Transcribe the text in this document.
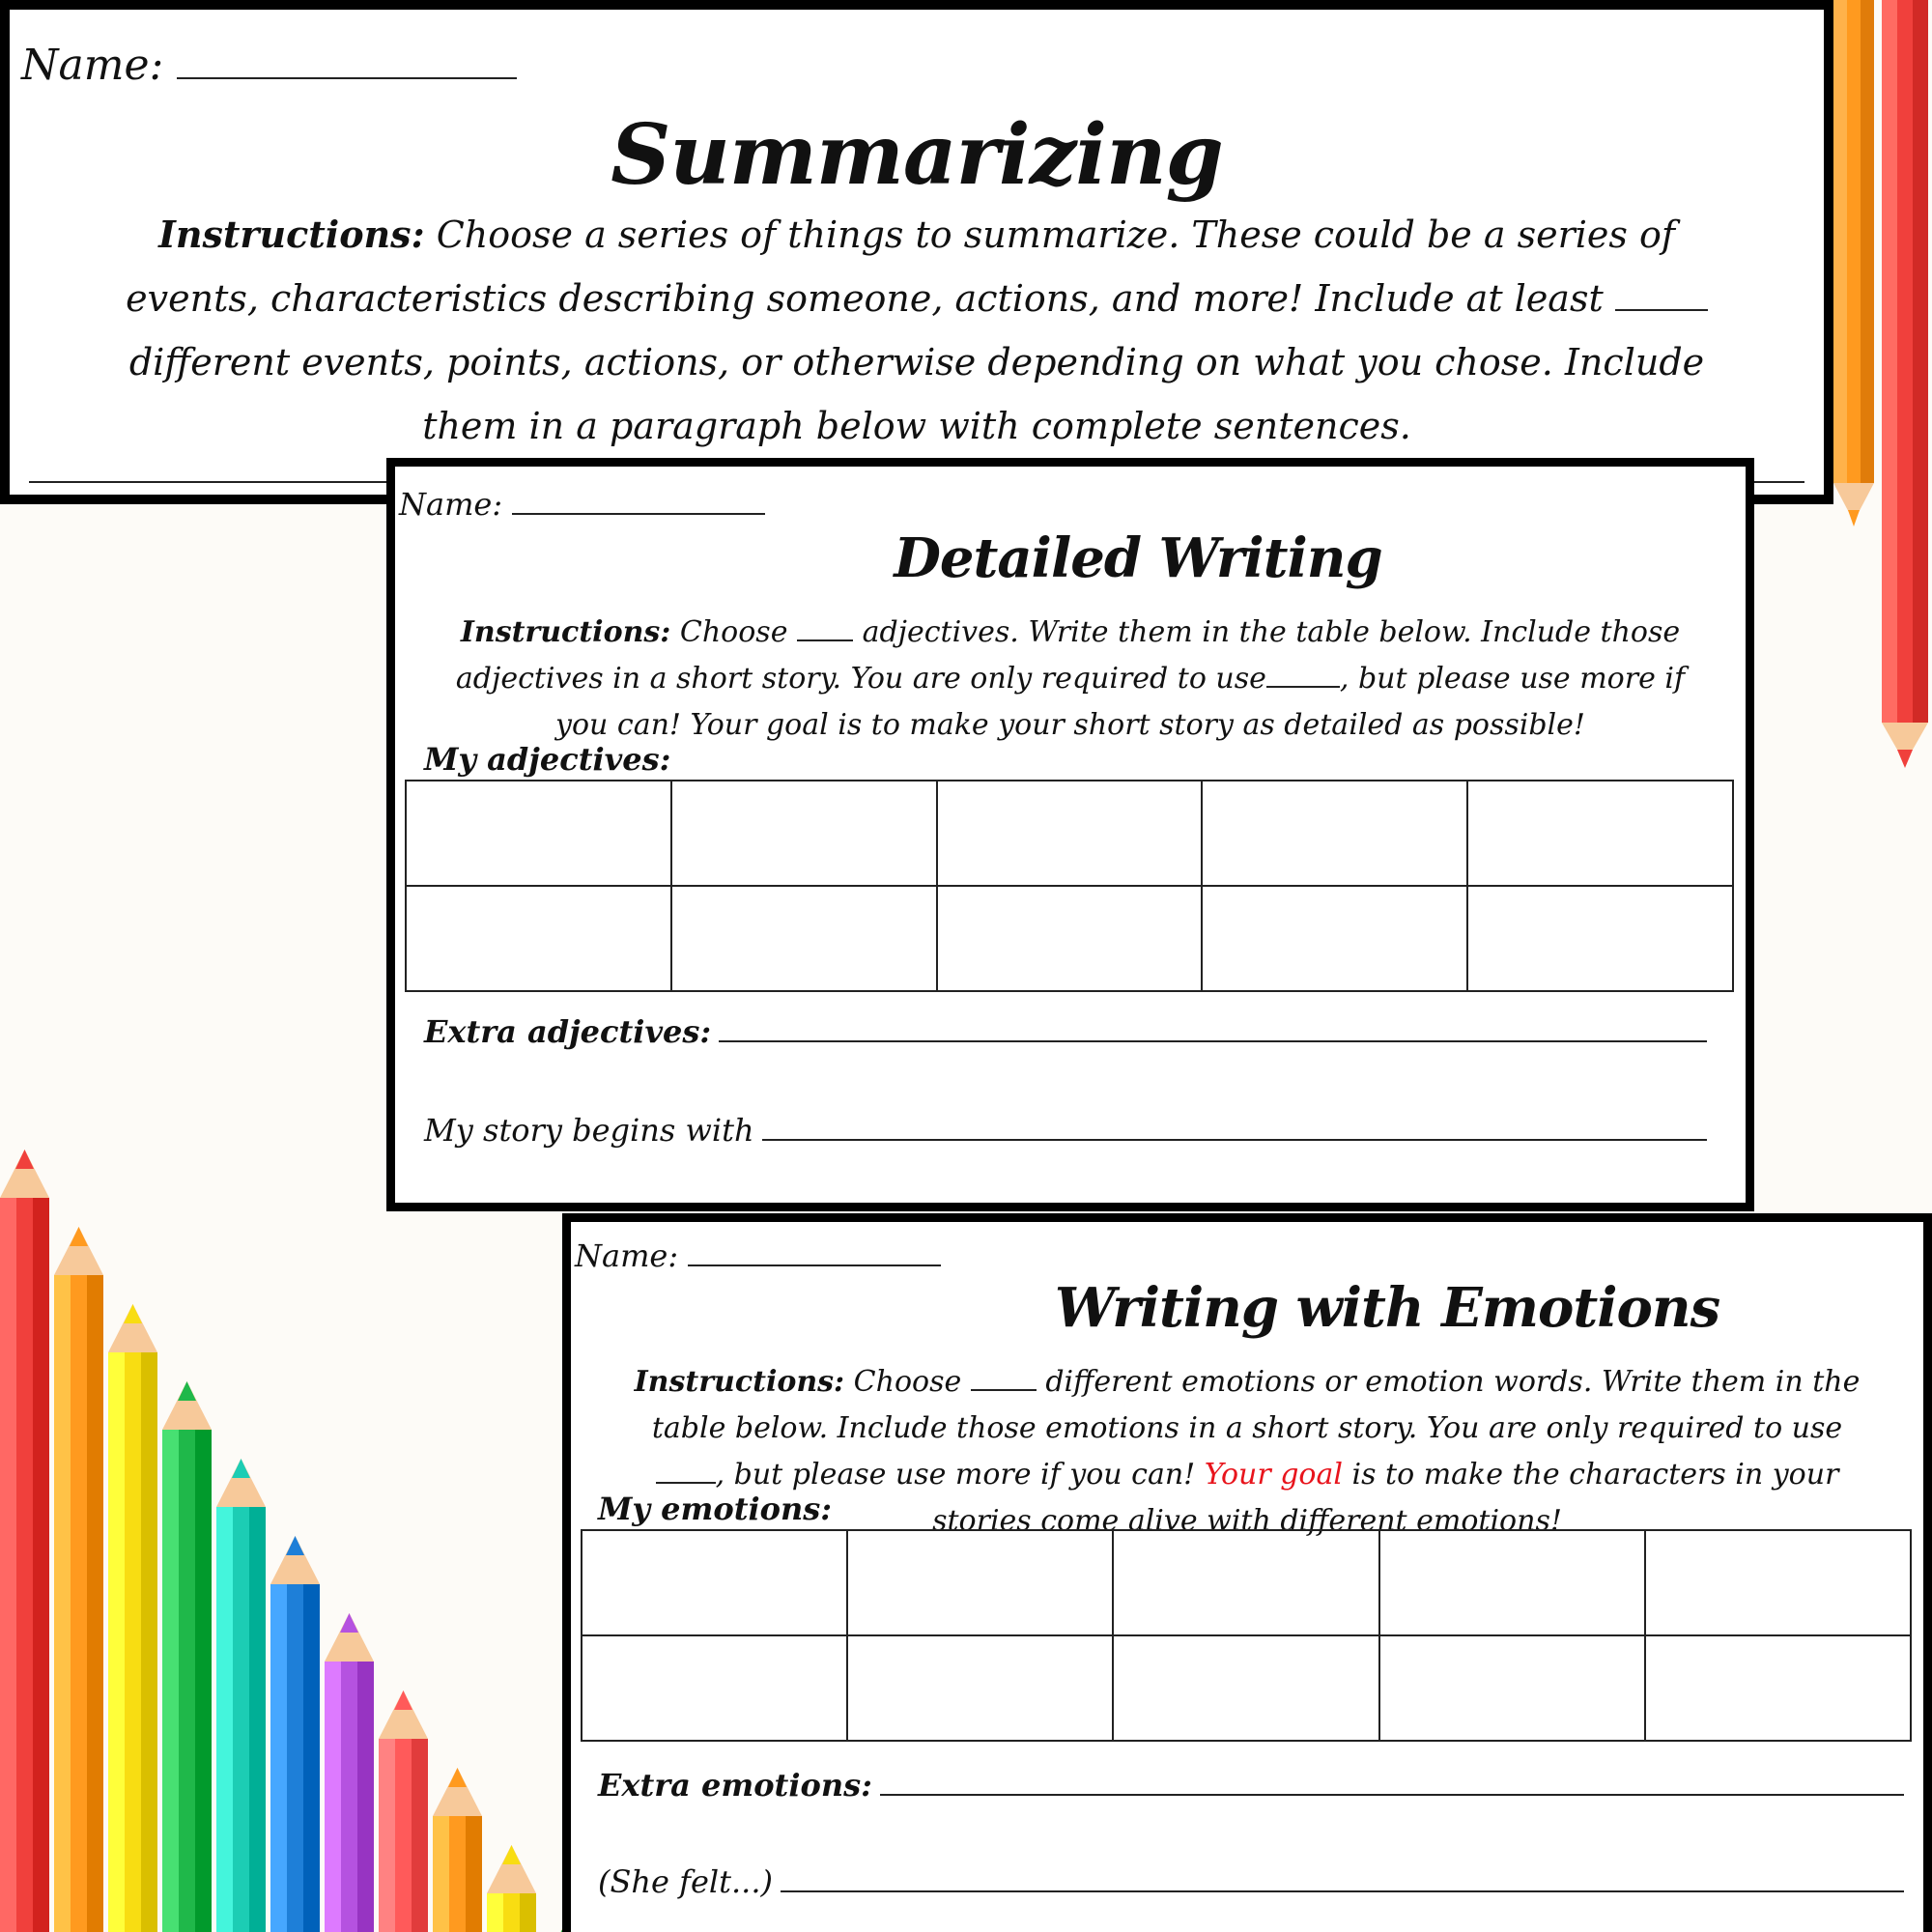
Name:
Summarizing
Instructions: Choose a series of things to summarize. These could be a series of events, characteristics describing someone, actions, and more! Include at least  different events, points, actions, or otherwise depending on what you chose. Include them in a paragraph below with complete sentences.
Name:
Detailed Writing
Instructions: Choose	adjectives. Write them in the table below. Include those adjectives in a short story. You are only required to use	, but please use more if you can! Your goal is to make your short story as detailed as possible!
My adjectives:

Extra adjectives:
My story begins with
Name:
Writing with Emotions
Instructions: Choose	different emotions or emotion words. Write them in the table below. Include those emotions in a short story. You are only required to use , but please use more if you can! Your goal is to make the characters in your stories come alive with different emotions!
My emotions:

Extra emotions:
(She felt...)
